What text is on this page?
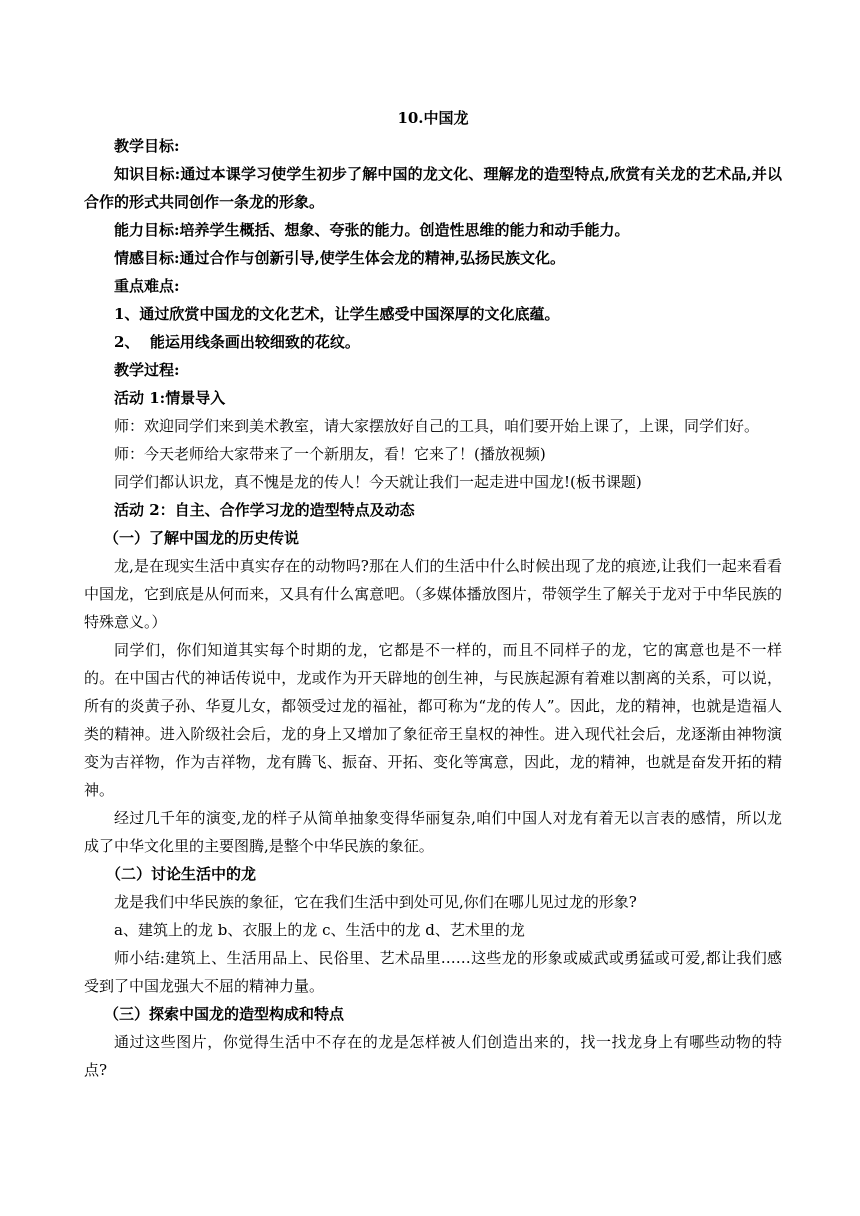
10.中国龙

教学目标:

知识目标:通过本课学习使学生初步了解中国的龙文化、理解龙的造型特点,欣赏有关龙的艺术品,并以合作的形式共同创作一条龙的形象。

能力目标:培养学生概括、想象、夸张的能力。创造性思维的能力和动手能力。

情感目标:通过合作与创新引导,使学生体会龙的精神,弘扬民族文化。

重点难点:

1、通过欣赏中国龙的文化艺术，让学生感受中国深厚的文化底蕴。

2、  能运用线条画出较细致的花纹。

教学过程:

活动 1:情景导入

师：欢迎同学们来到美术教室，请大家摆放好自己的工具，咱们要开始上课了，上课，同学们好。

师：今天老师给大家带来了一个新朋友，看！它来了！(播放视频)

同学们都认识龙，真不愧是龙的传人！今天就让我们一起走进中国龙!(板书课题)

活动 2：自主、合作学习龙的造型特点及动态

（一）了解中国龙的历史传说

龙,是在现实生活中真实存在的动物吗?那在人们的生活中什么时候出现了龙的痕迹,让我们一起来看看中国龙，它到底是从何而来，又具有什么寓意吧。（多媒体播放图片，带领学生了解关于龙对于中华民族的特殊意义。）

同学们，你们知道其实每个时期的龙，它都是不一样的，而且不同样子的龙，它的寓意也是不一样的。在中国古代的神话传说中，龙或作为开天辟地的创生神，与民族起源有着难以割离的关系，可以说，所有的炎黄子孙、华夏儿女，都领受过龙的福祉，都可称为“龙的传人”。因此，龙的精神，也就是造福人类的精神。进入阶级社会后，龙的身上又增加了象征帝王皇权的神性。进入现代社会后，龙逐渐由神物演变为吉祥物，作为吉祥物，龙有腾飞、振奋、开拓、变化等寓意，因此，龙的精神，也就是奋发开拓的精神。

经过几千年的演变,龙的样子从简单抽象变得华丽复杂,咱们中国人对龙有着无以言表的感情，所以龙成了中华文化里的主要图腾,是整个中华民族的象征。

（二）讨论生活中的龙

龙是我们中华民族的象征，它在我们生活中到处可见,你们在哪儿见过龙的形象?

a、建筑上的龙 b、衣服上的龙 c、生活中的龙 d、艺术里的龙

师小结:建筑上、生活用品上、民俗里、艺术品里……这些龙的形象或威武或勇猛或可爱,都让我们感受到了中国龙强大不屈的精神力量。

（三）探索中国龙的造型构成和特点

通过这些图片，你觉得生活中不存在的龙是怎样被人们创造出来的，找一找龙身上有哪些动物的特点?
